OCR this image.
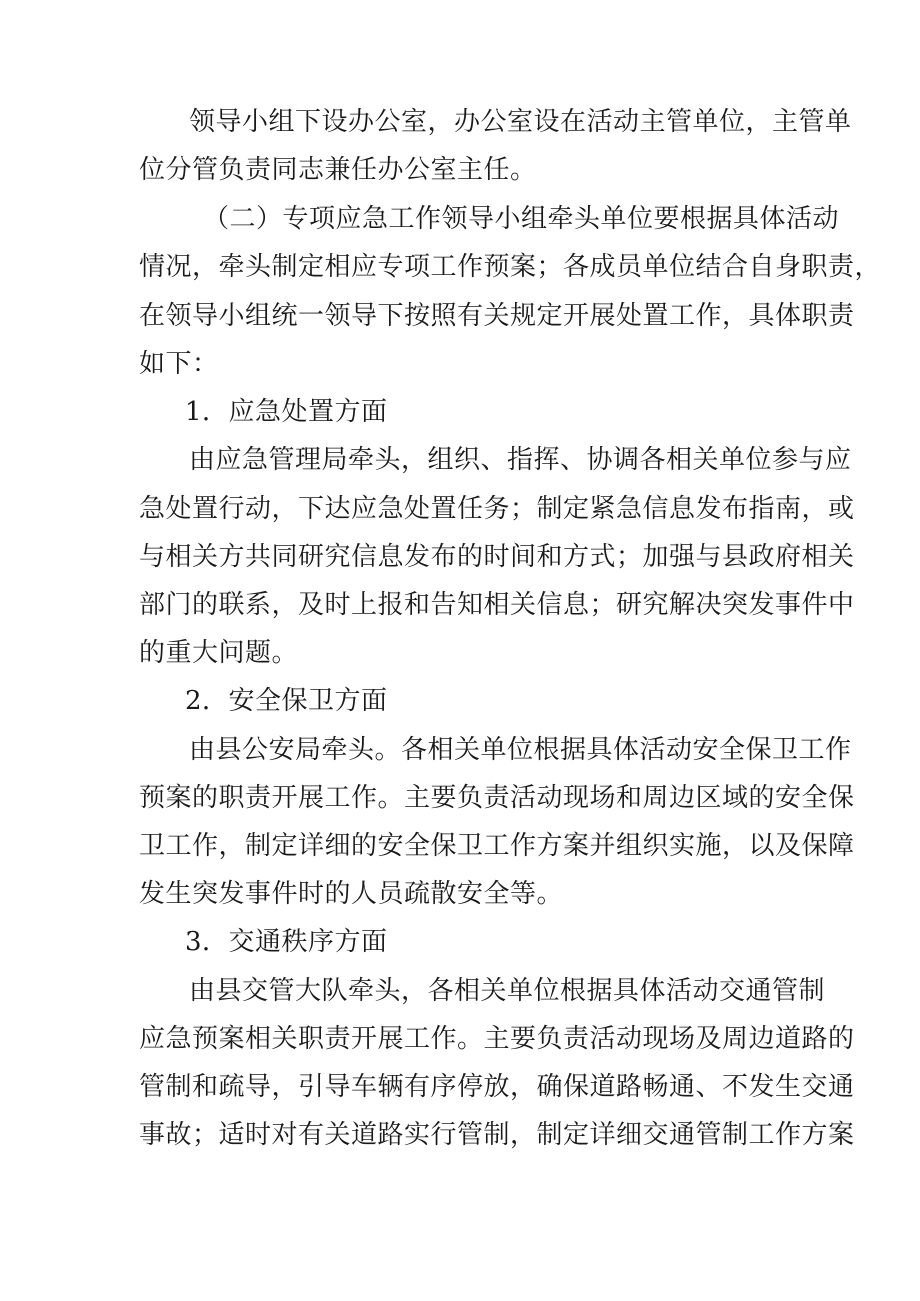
领导小组下设办公室，办公室设在活动主管单位，主管单
位分管负责同志兼任办公室主任。
（二）专项应急工作领导小组牵头单位要根据具体活动
情况，牵头制定相应专项工作预案；各成员单位结合自身职责，
在领导小组统一领导下按照有关规定开展处置工作，具体职责
如下：
1．应急处置方面
由应急管理局牵头，组织、指挥、协调各相关单位参与应
急处置行动，下达应急处置任务；制定紧急信息发布指南，或
与相关方共同研究信息发布的时间和方式；加强与县政府相关
部门的联系，及时上报和告知相关信息；研究解决突发事件中
的重大问题。
2．安全保卫方面
由县公安局牵头。各相关单位根据具体活动安全保卫工作
预案的职责开展工作。主要负责活动现场和周边区域的安全保
卫工作，制定详细的安全保卫工作方案并组织实施，以及保障
发生突发事件时的人员疏散安全等。
3．交通秩序方面
由县交管大队牵头，各相关单位根据具体活动交通管制
应急预案相关职责开展工作。主要负责活动现场及周边道路的
管制和疏导，引导车辆有序停放，确保道路畅通、不发生交通
事故；适时对有关道路实行管制，制定详细交通管制工作方案
